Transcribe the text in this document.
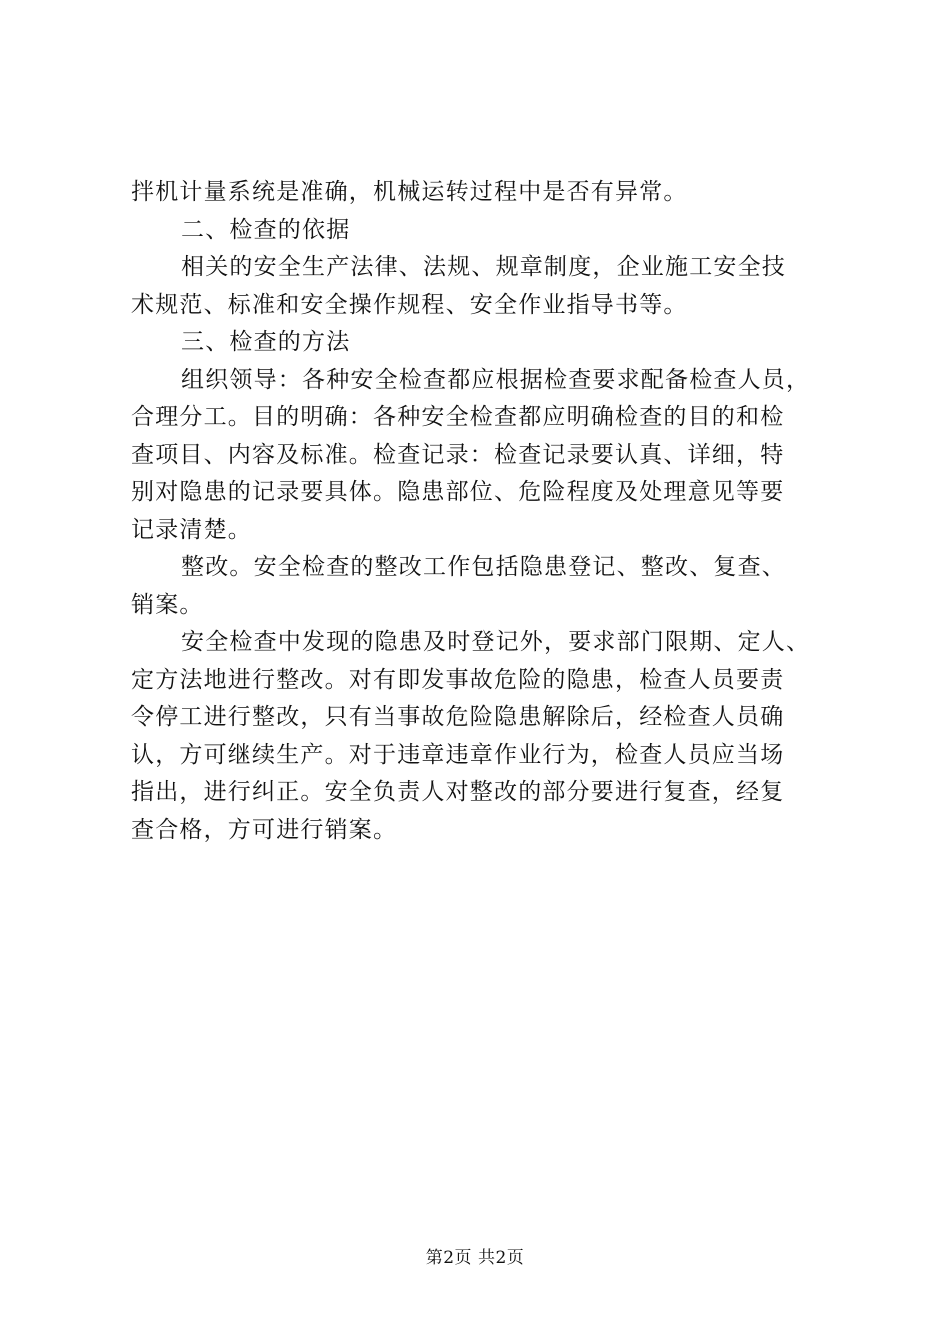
拌机计量系统是准确，机械运转过程中是否有异常。
二、检查的依据
相关的安全生产法律、法规、规章制度，企业施工安全技
术规范、标准和安全操作规程、安全作业指导书等。
三、检查的方法
组织领导：各种安全检查都应根据检查要求配备检查人员，
合理分工。目的明确：各种安全检查都应明确检查的目的和检
查项目、内容及标准。检查记录：检查记录要认真、详细，特
别对隐患的记录要具体。隐患部位、危险程度及处理意见等要
记录清楚。
整改。安全检查的整改工作包括隐患登记、整改、复查、
销案。
安全检查中发现的隐患及时登记外，要求部门限期、定人、
定方法地进行整改。对有即发事故危险的隐患，检查人员要责
令停工进行整改，只有当事故危险隐患解除后，经检查人员确
认，方可继续生产。对于违章违章作业行为，检查人员应当场
指出，进行纠正。安全负责人对整改的部分要进行复查，经复
查合格，方可进行销案。
第2页 共2页
